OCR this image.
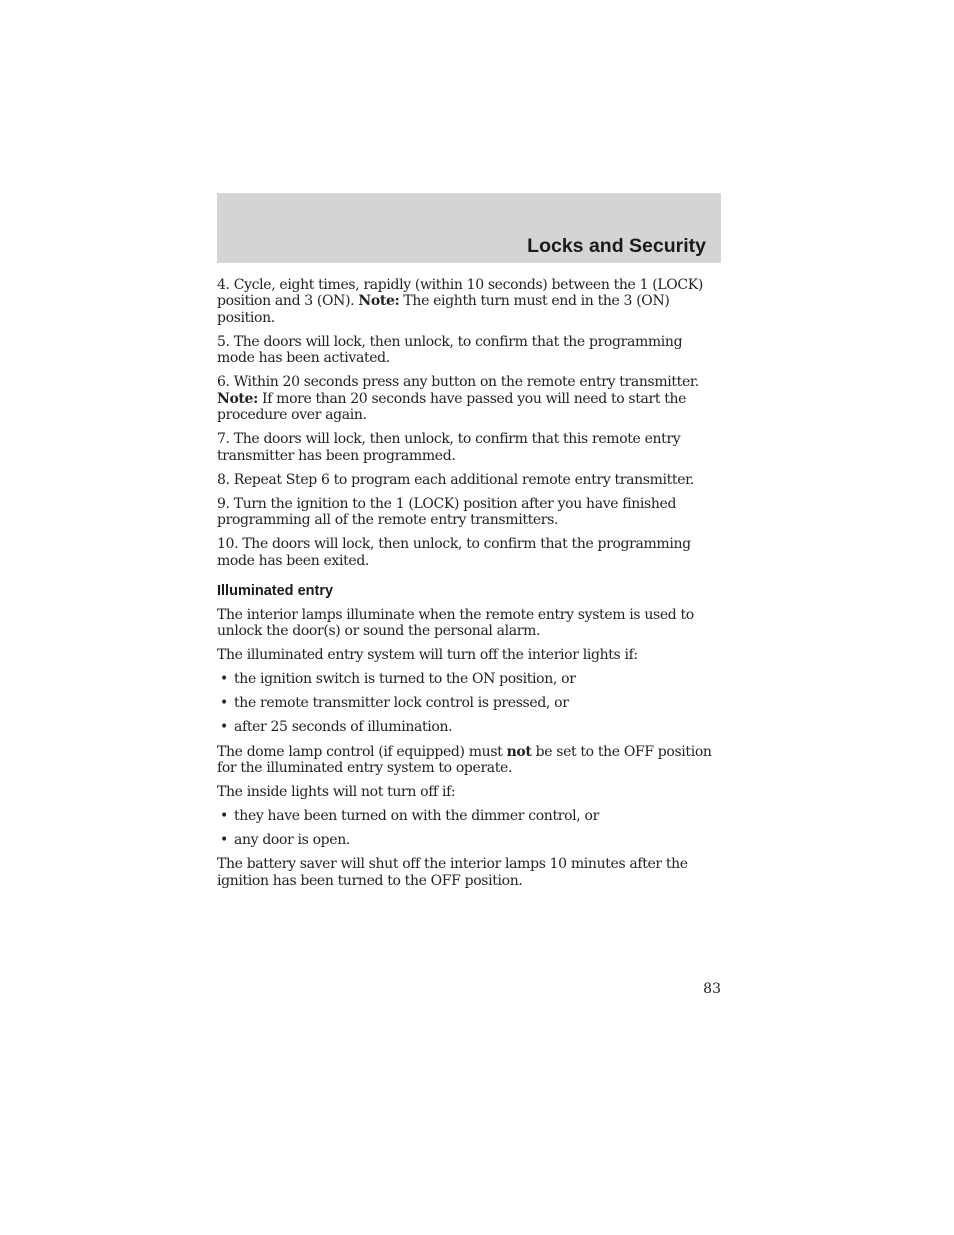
Locks and Security

4. Cycle, eight times, rapidly (within 10 seconds) between the 1 (LOCK) position and 3 (ON). Note: The eighth turn must end in the 3 (ON) position.

5. The doors will lock, then unlock, to confirm that the programming mode has been activated.

6. Within 20 seconds press any button on the remote entry transmitter. Note: If more than 20 seconds have passed you will need to start the procedure over again.

7. The doors will lock, then unlock, to confirm that this remote entry transmitter has been programmed.

8. Repeat Step 6 to program each additional remote entry transmitter.

9. Turn the ignition to the 1 (LOCK) position after you have finished programming all of the remote entry transmitters.

10. The doors will lock, then unlock, to confirm that the programming mode has been exited.

Illuminated entry

The interior lamps illuminate when the remote entry system is used to unlock the door(s) or sound the personal alarm.

The illuminated entry system will turn off the interior lights if:

• the ignition switch is turned to the ON position, or
• the remote transmitter lock control is pressed, or
• after 25 seconds of illumination.

The dome lamp control (if equipped) must not be set to the OFF position for the illuminated entry system to operate.

The inside lights will not turn off if:

• they have been turned on with the dimmer control, or
• any door is open.

The battery saver will shut off the interior lamps 10 minutes after the ignition has been turned to the OFF position.

83
